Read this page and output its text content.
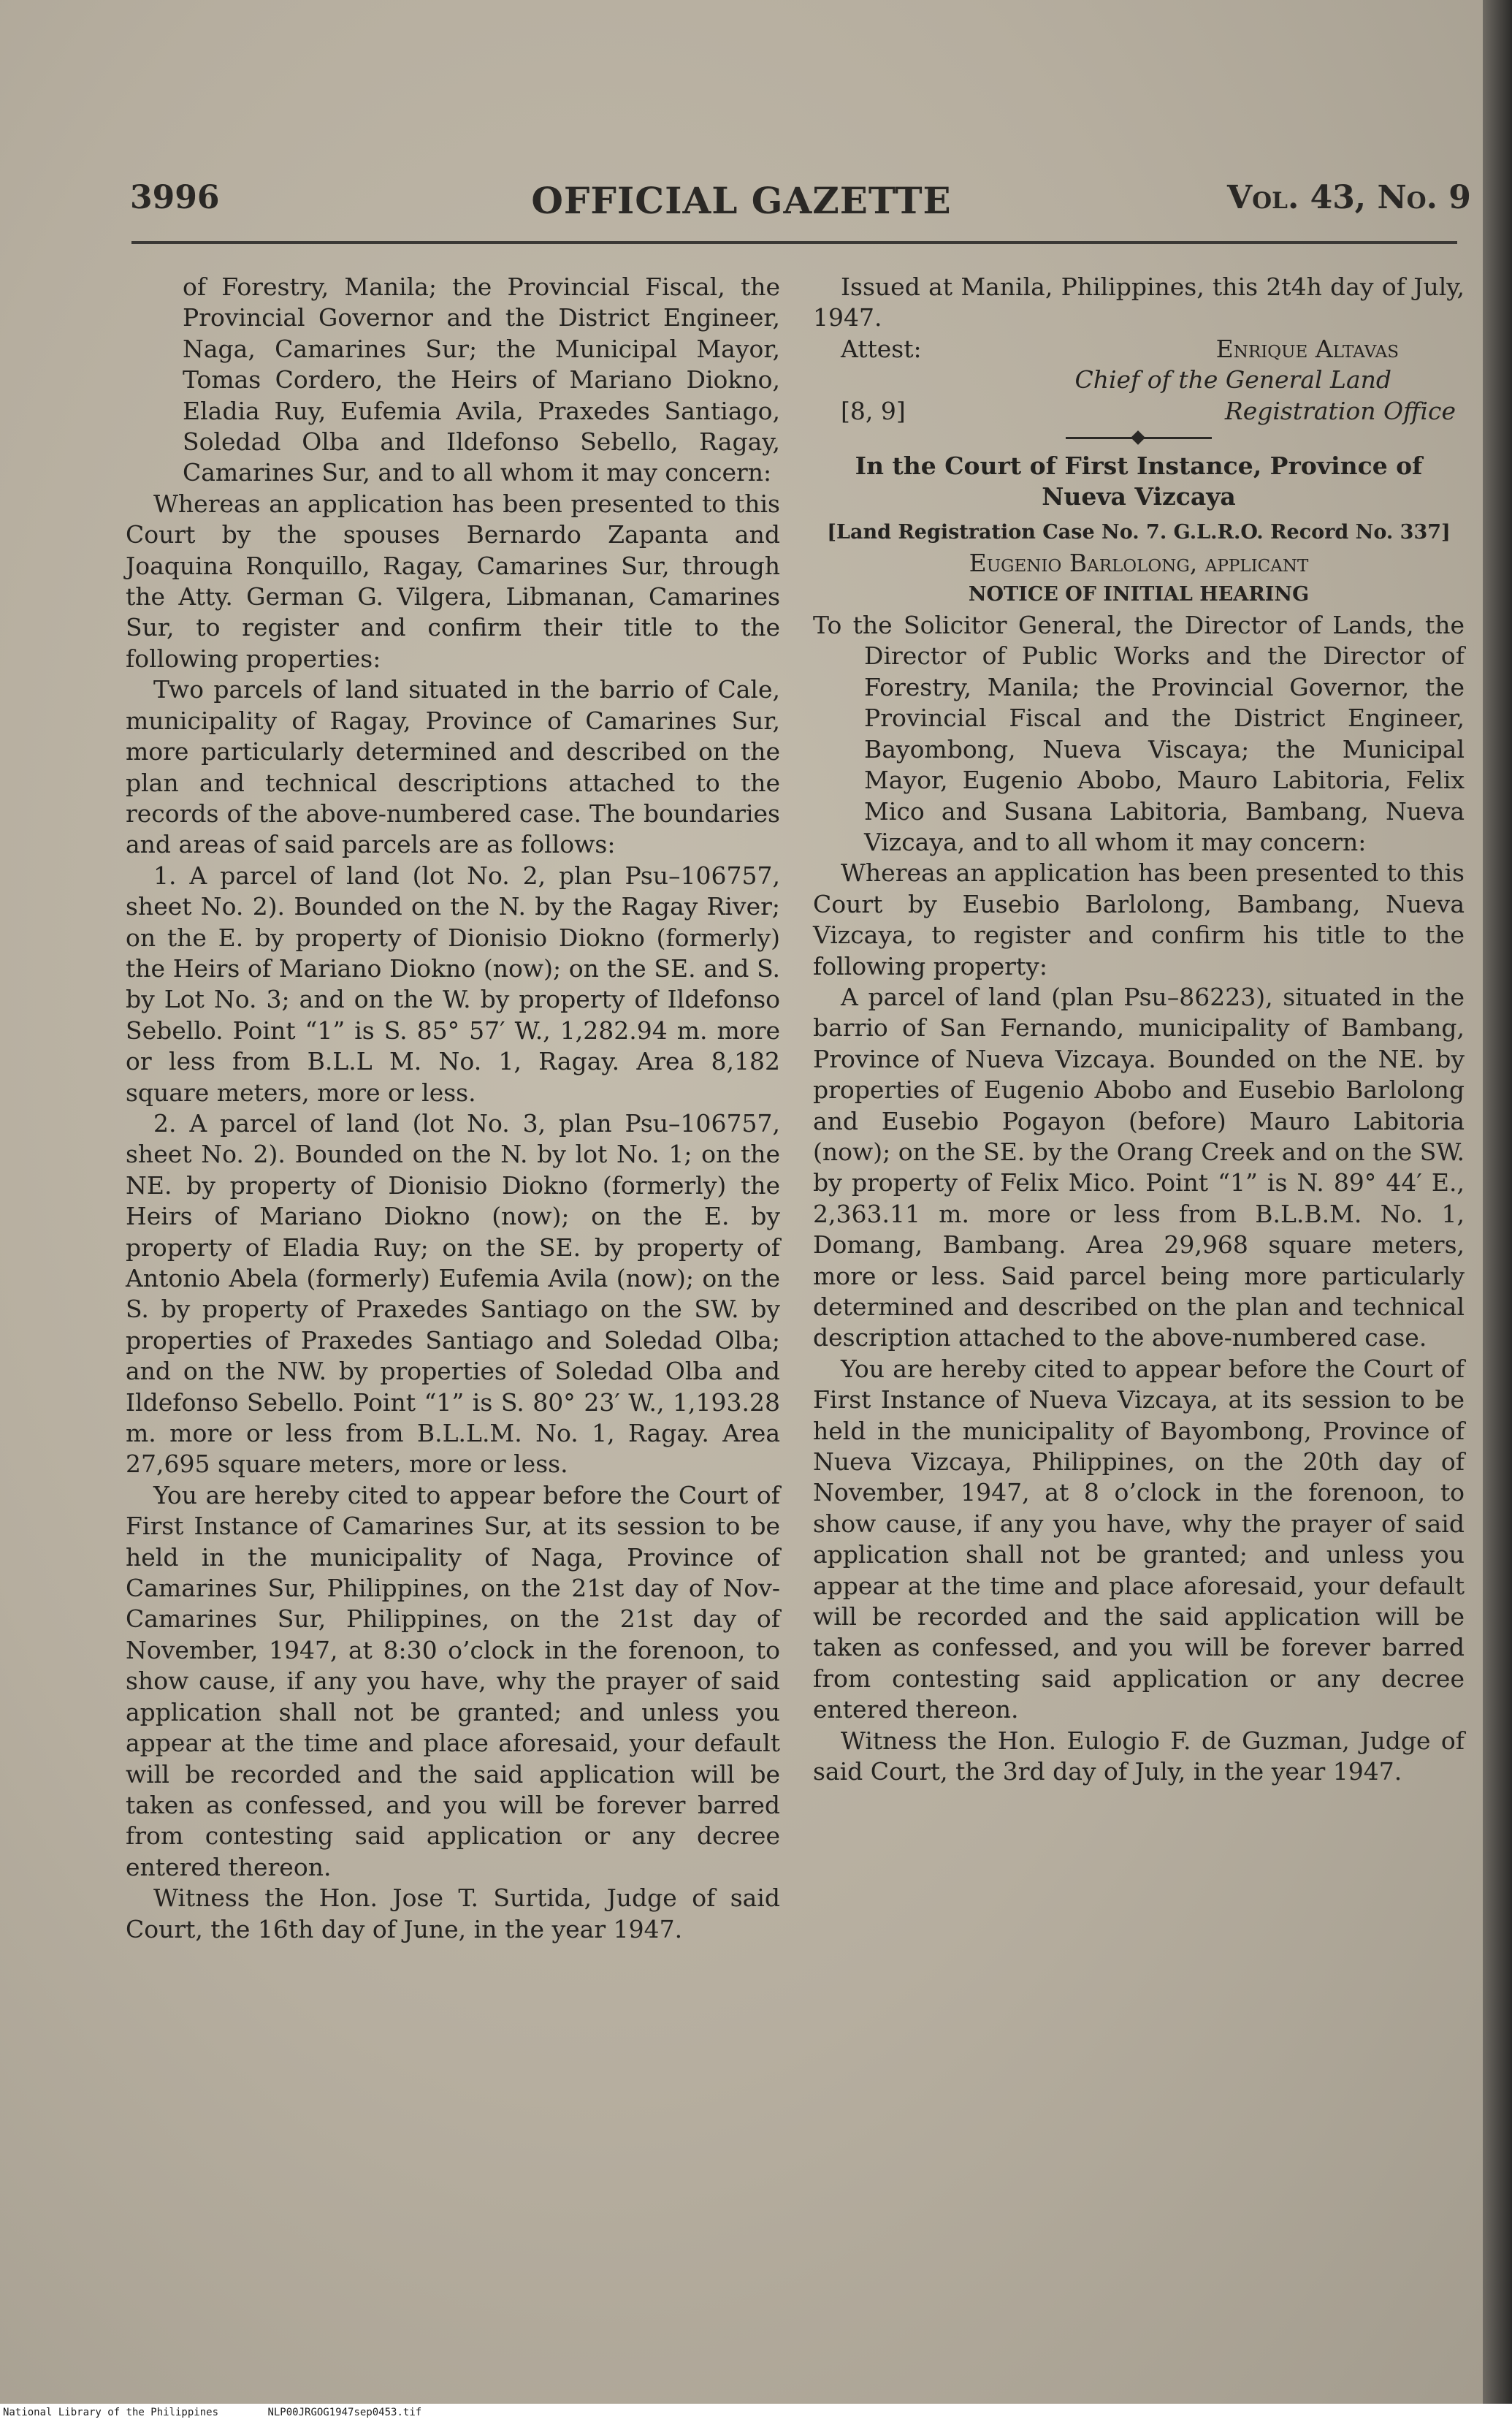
3996	OFFICIAL GAZETTE	Vol. 43, No. 9

of Forestry, Manila; the Provincial Fiscal, the Provincial Governor and the District Engineer, Naga, Camarines Sur; the Municipal Mayor, Tomas Cordero, the Heirs of Mariano Diokno, Eladia Ruy, Eufemia Avila, Praxedes Santiago, Soledad Olba and Ildefonso Sebello, Ragay, Camarines Sur, and to all whom it may concern:

Whereas an application has been presented to this Court by the spouses Bernardo Zapanta and Joaquina Ronquillo, Ragay, Camarines Sur, through the Atty. German G. Vilgera, Libmanan, Camarines Sur, to register and confirm their title to the following properties:

Two parcels of land situated in the barrio of Cale, municipality of Ragay, Province of Camarines Sur, more particularly determined and described on the plan and technical descriptions attached to the records of the above-numbered case. The boundaries and areas of said parcels are as follows:

1. A parcel of land (lot No. 2, plan Psu–106757, sheet No. 2). Bounded on the N. by the Ragay River; on the E. by property of Dionisio Diokno (formerly) the Heirs of Mariano Diokno (now); on the SE. and S. by Lot No. 3; and on the W. by property of Ildefonso Sebello. Point “1” is S. 85° 57′ W., 1,282.94 m. more or less from B.L.L M. No. 1, Ragay. Area 8,182 square meters, more or less.

2. A parcel of land (lot No. 3, plan Psu–106757, sheet No. 2). Bounded on the N. by lot No. 1; on the NE. by property of Dionisio Diokno (formerly) the Heirs of Mariano Diokno (now); on the E. by property of Eladia Ruy; on the SE. by property of Antonio Abela (formerly) Eufemia Avila (now); on the S. by property of Praxedes Santiago on the SW. by properties of Praxedes Santiago and Soledad Olba; and on the NW. by properties of Soledad Olba and Ildefonso Sebello. Point “1” is S. 80° 23′ W., 1,193.28 m. more or less from B.L.L.M. No. 1, Ragay. Area 27,695 square meters, more or less.

You are hereby cited to appear before the Court of First Instance of Camarines Sur, at its session to be held in the municipality of Naga, Province of Camarines Sur, Philippines, on the 21st day of Nov-Camarines Sur, Philippines, on the 21st day of November, 1947, at 8:30 o’clock in the forenoon, to show cause, if any you have, why the prayer of said application shall not be granted; and unless you appear at the time and place aforesaid, your default will be recorded and the said application will be taken as confessed, and you will be forever barred from contesting said application or any decree entered thereon.

Witness the Hon. Jose T. Surtida, Judge of said Court, the 16th day of June, in the year 1947.

Issued at Manila, Philippines, this 2t4h day of July, 1947.

Attest:	Enrique Altavas
Chief of the General Land
[8, 9]	Registration Office

In the Court of First Instance, Province of Nueva Vizcaya

[Land Registration Case No. 7. G.L.R.O. Record No. 337]

Eugenio Barlolong, applicant

NOTICE OF INITIAL HEARING

To the Solicitor General, the Director of Lands, the Director of Public Works and the Director of Forestry, Manila; the Provincial Governor, the Provincial Fiscal and the District Engineer, Bayombong, Nueva Viscaya; the Municipal Mayor, Eugenio Abobo, Mauro Labitoria, Felix Mico and Susana Labitoria, Bambang, Nueva Vizcaya, and to all whom it may concern:

Whereas an application has been presented to this Court by Eusebio Barlolong, Bambang, Nueva Vizcaya, to register and confirm his title to the following property:

A parcel of land (plan Psu–86223), situated in the barrio of San Fernando, municipality of Bambang, Province of Nueva Vizcaya. Bounded on the NE. by properties of Eugenio Abobo and Eusebio Barlolong and Eusebio Pogayon (before) Mauro Labitoria (now); on the SE. by the Orang Creek and on the SW. by property of Felix Mico. Point “1” is N. 89° 44′ E., 2,363.11 m. more or less from B.L.B.M. No. 1, Domang, Bambang. Area 29,968 square meters, more or less. Said parcel being more particularly determined and described on the plan and technical description attached to the above-numbered case.

You are hereby cited to appear before the Court of First Instance of Nueva Vizcaya, at its session to be held in the municipality of Bayombong, Province of Nueva Vizcaya, Philippines, on the 20th day of November, 1947, at 8 o’clock in the forenoon, to show cause, if any you have, why the prayer of said application shall not be granted; and unless you appear at the time and place aforesaid, your default will be recorded and the said application will be taken as confessed, and you will be forever barred from contesting said application or any decree entered thereon.

Witness the Hon. Eulogio F. de Guzman, Judge of said Court, the 3rd day of July, in the year 1947.

National Library of the Philippines	NLP00JRGOG1947sep0453.tif
